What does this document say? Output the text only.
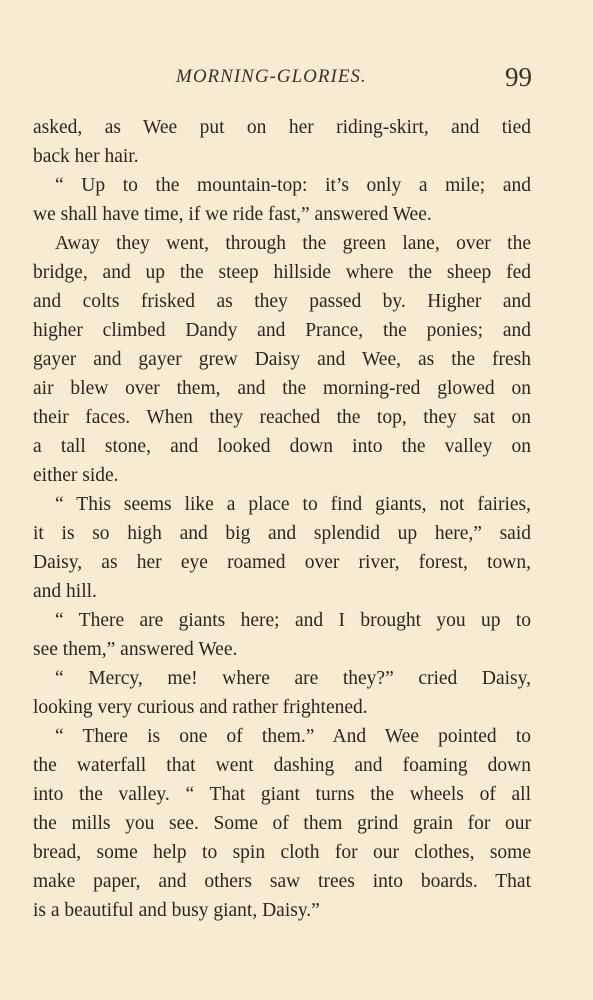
MORNING-GLORIES.	99
asked, as Wee put on her riding-skirt, and tied
back her hair.
“ Up to the mountain-top: it’s only a mile; and
we shall have time, if we ride fast,” answered Wee.
Away they went, through the green lane, over the
bridge, and up the steep hillside where the sheep fed
and colts frisked as they passed by. Higher and
higher climbed Dandy and Prance, the ponies; and
gayer and gayer grew Daisy and Wee, as the fresh
air blew over them, and the morning-red glowed on
their faces. When they reached the top, they sat on
a tall stone, and looked down into the valley on
either side.
“ This seems like a place to find giants, not fairies,
it is so high and big and splendid up here,” said
Daisy, as her eye roamed over river, forest, town,
and hill.
“ There are giants here; and I brought you up to
see them,” answered Wee.
“ Mercy, me! where are they?” cried Daisy,
looking very curious and rather frightened.
“ There is one of them.” And Wee pointed to
the waterfall that went dashing and foaming down
into the valley. “ That giant turns the wheels of all
the mills you see. Some of them grind grain for our
bread, some help to spin cloth for our clothes, some
make paper, and others saw trees into boards. That
is a beautiful and busy giant, Daisy.”
